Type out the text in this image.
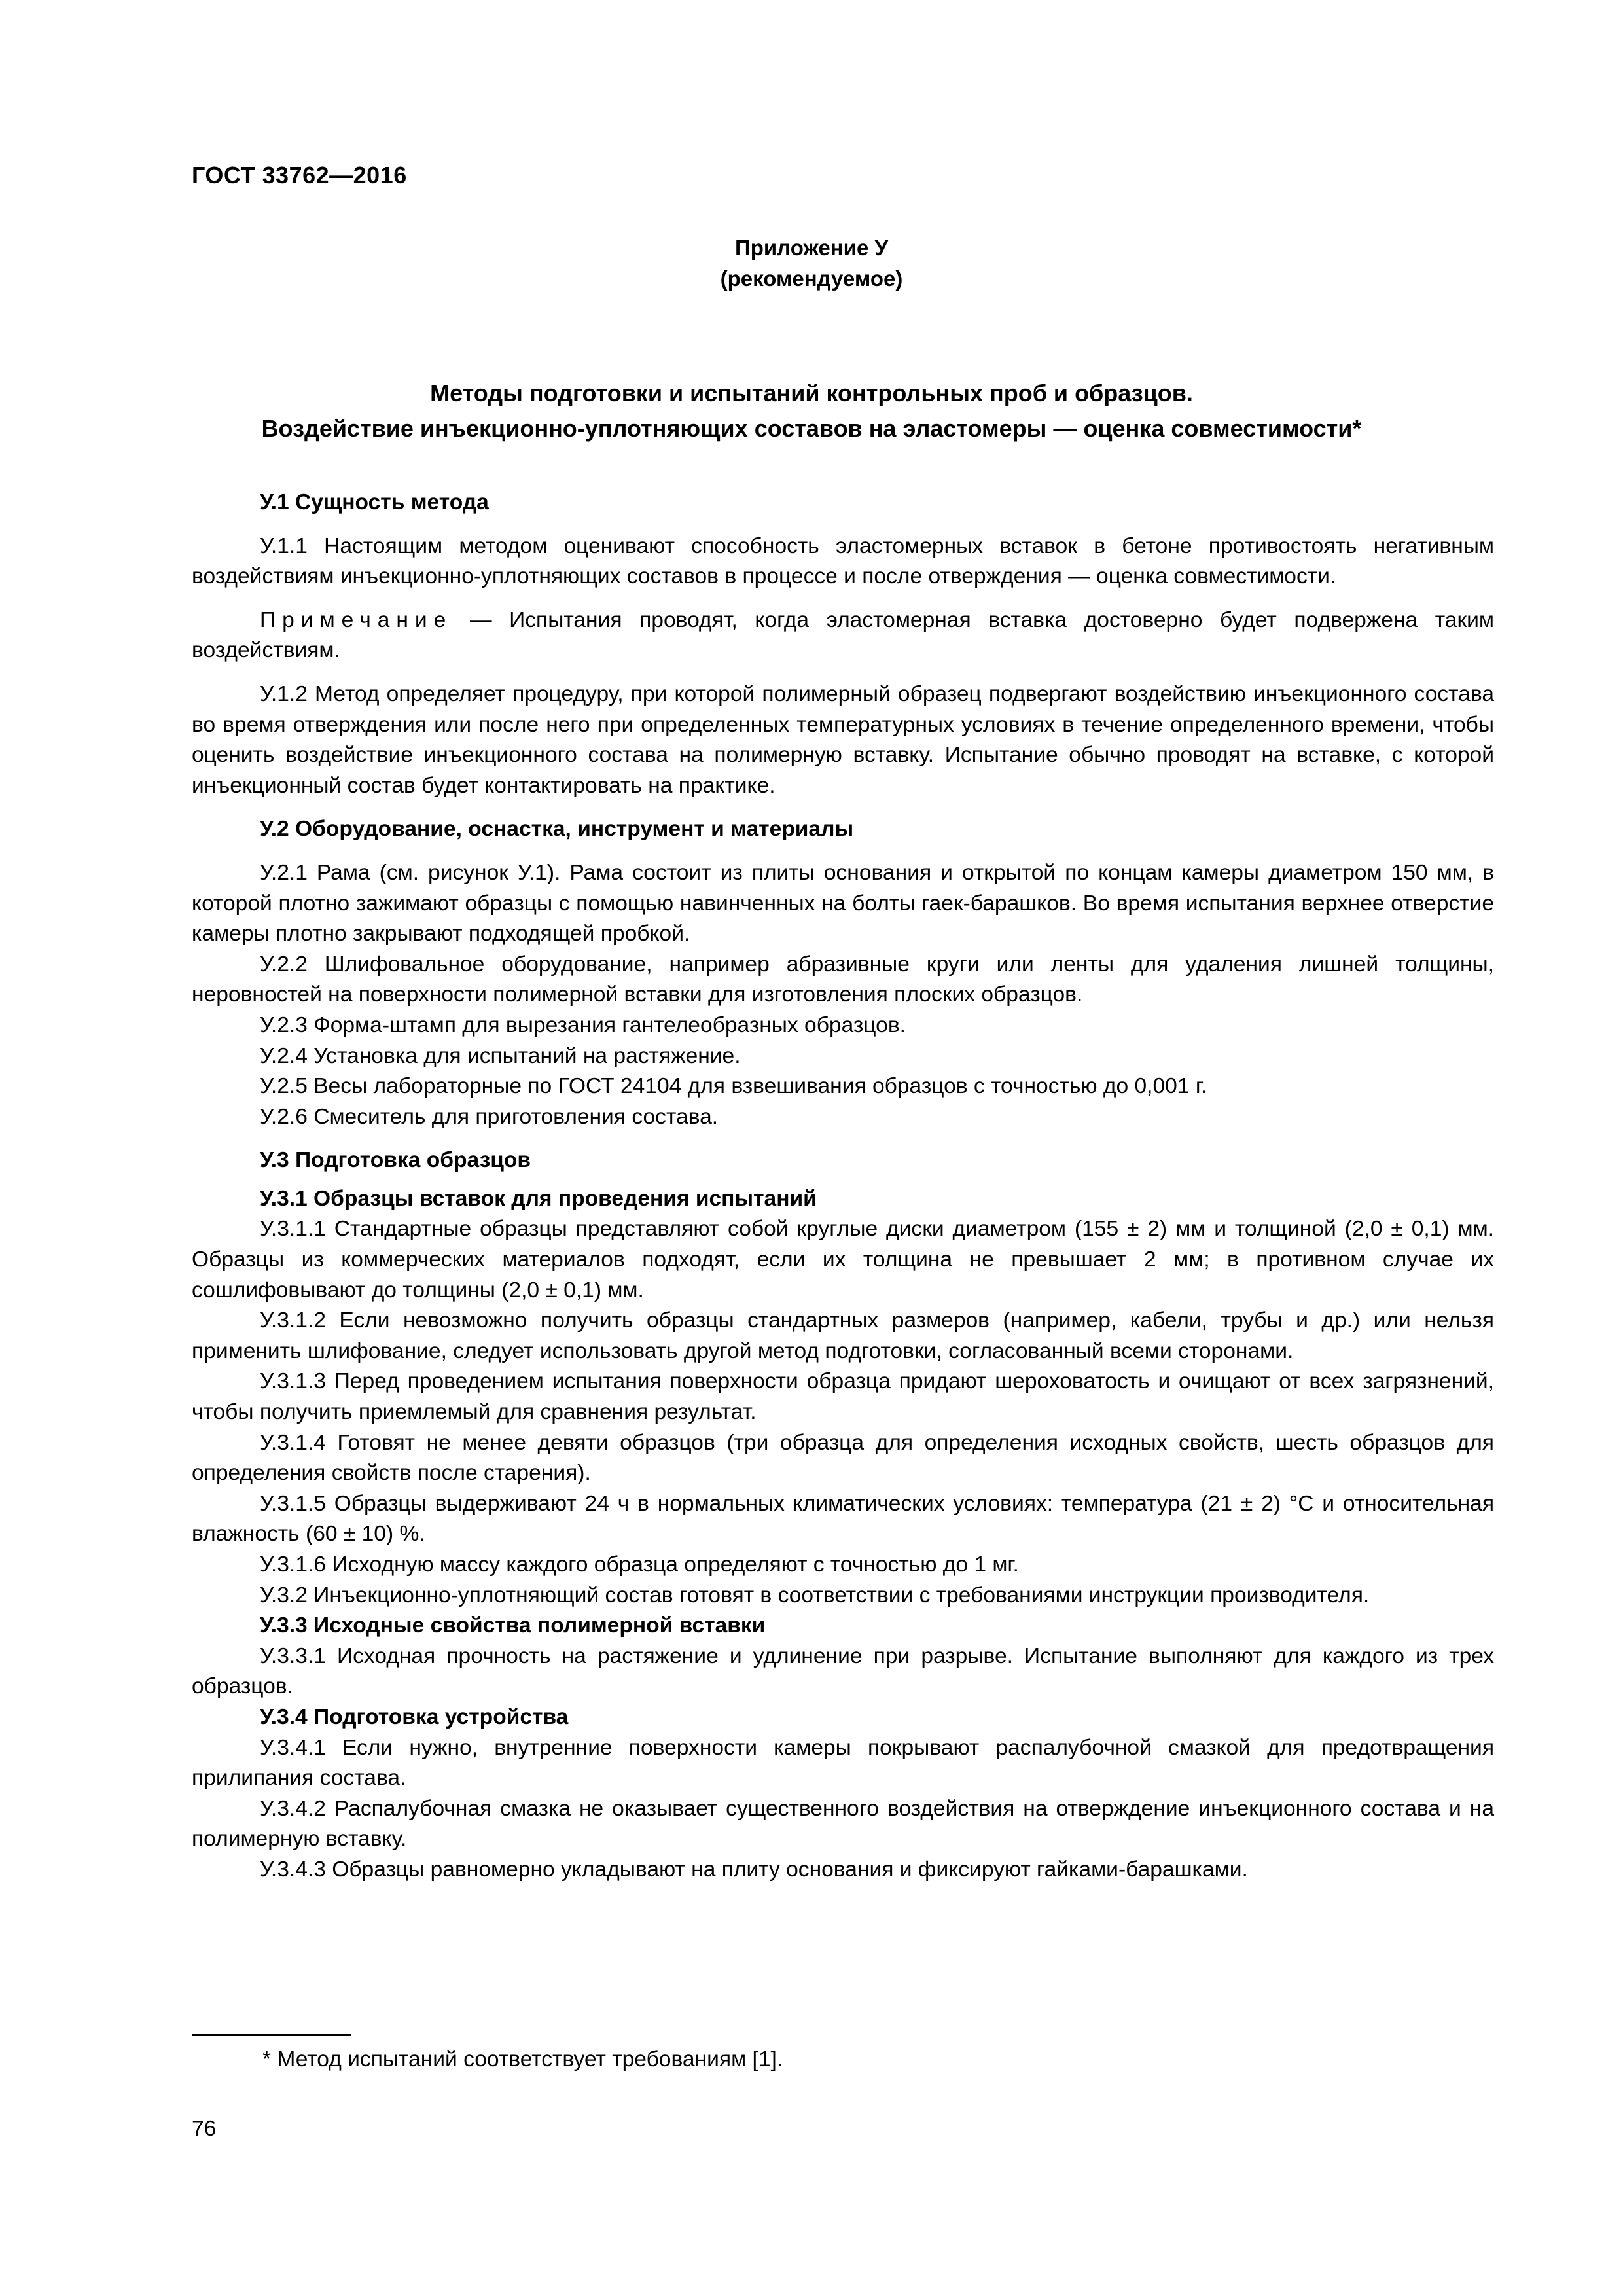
ГОСТ 33762—2016
Приложение У
(рекомендуемое)
Методы подготовки и испытаний контрольных проб и образцов.
Воздействие инъекционно-уплотняющих составов на эластомеры — оценка совместимости*

У.1 Сущность метода

У.1.1 Настоящим методом оценивают способность эластомерных вставок в бетоне противостоять негативным воздействиям инъекционно-уплотняющих составов в процессе и после отверждения — оценка совместимости.

Примечание — Испытания проводят, когда эластомерная вставка достоверно будет подвержена таким воздействиям.

У.1.2 Метод определяет процедуру, при которой полимерный образец подвергают воздействию инъекционного состава во время отверждения или после него при определенных температурных условиях в течение определенного времени, чтобы оценить воздействие инъекционного состава на полимерную вставку. Испытание обычно проводят на вставке, с которой инъекционный состав будет контактировать на практике.

У.2 Оборудование, оснастка, инструмент и материалы

У.2.1 Рама (см. рисунок У.1). Рама состоит из плиты основания и открытой по концам камеры диаметром 150 мм, в которой плотно зажимают образцы с помощью навинченных на болты гаек-барашков. Во время испытания верхнее отверстие камеры плотно закрывают подходящей пробкой.

У.2.2 Шлифовальное оборудование, например абразивные круги или ленты для удаления лишней толщины, неровностей на поверхности полимерной вставки для изготовления плоских образцов.

У.2.3 Форма-штамп для вырезания гантелеобразных образцов.

У.2.4 Установка для испытаний на растяжение.

У.2.5 Весы лабораторные по ГОСТ 24104 для взвешивания образцов с точностью до 0,001 г.

У.2.6 Смеситель для приготовления состава.

У.3 Подготовка образцов

У.3.1 Образцы вставок для проведения испытаний

У.3.1.1 Стандартные образцы представляют собой круглые диски диаметром (155 ± 2) мм и толщиной (2,0 ± 0,1) мм. Образцы из коммерческих материалов подходят, если их толщина не превышает 2 мм; в противном случае их сошлифовывают до толщины (2,0 ± 0,1) мм.

У.3.1.2 Если невозможно получить образцы стандартных размеров (например, кабели, трубы и др.) или нельзя применить шлифование, следует использовать другой метод подготовки, согласованный всеми сторонами.

У.3.1.3 Перед проведением испытания поверхности образца придают шероховатость и очищают от всех загрязнений, чтобы получить приемлемый для сравнения результат.

У.3.1.4 Готовят не менее девяти образцов (три образца для определения исходных свойств, шесть образцов для определения свойств после старения).

У.3.1.5 Образцы выдерживают 24 ч в нормальных климатических условиях: температура (21 ± 2) °С и относительная влажность (60 ± 10) %.

У.3.1.6 Исходную массу каждого образца определяют с точностью до 1 мг.

У.3.2 Инъекционно-уплотняющий состав готовят в соответствии с требованиями инструкции производителя.

У.3.3 Исходные свойства полимерной вставки

У.3.3.1 Исходная прочность на растяжение и удлинение при разрыве. Испытание выполняют для каждого из трех образцов.

У.3.4 Подготовка устройства

У.3.4.1 Если нужно, внутренние поверхности камеры покрывают распалубочной смазкой для предотвращения прилипания состава.

У.3.4.2 Распалубочная смазка не оказывает существенного воздействия на отверждение инъекционного состава и на полимерную вставку.

У.3.4.3 Образцы равномерно укладывают на плиту основания и фиксируют гайками-барашками.

* Метод испытаний соответствует требованиям [1].
76
